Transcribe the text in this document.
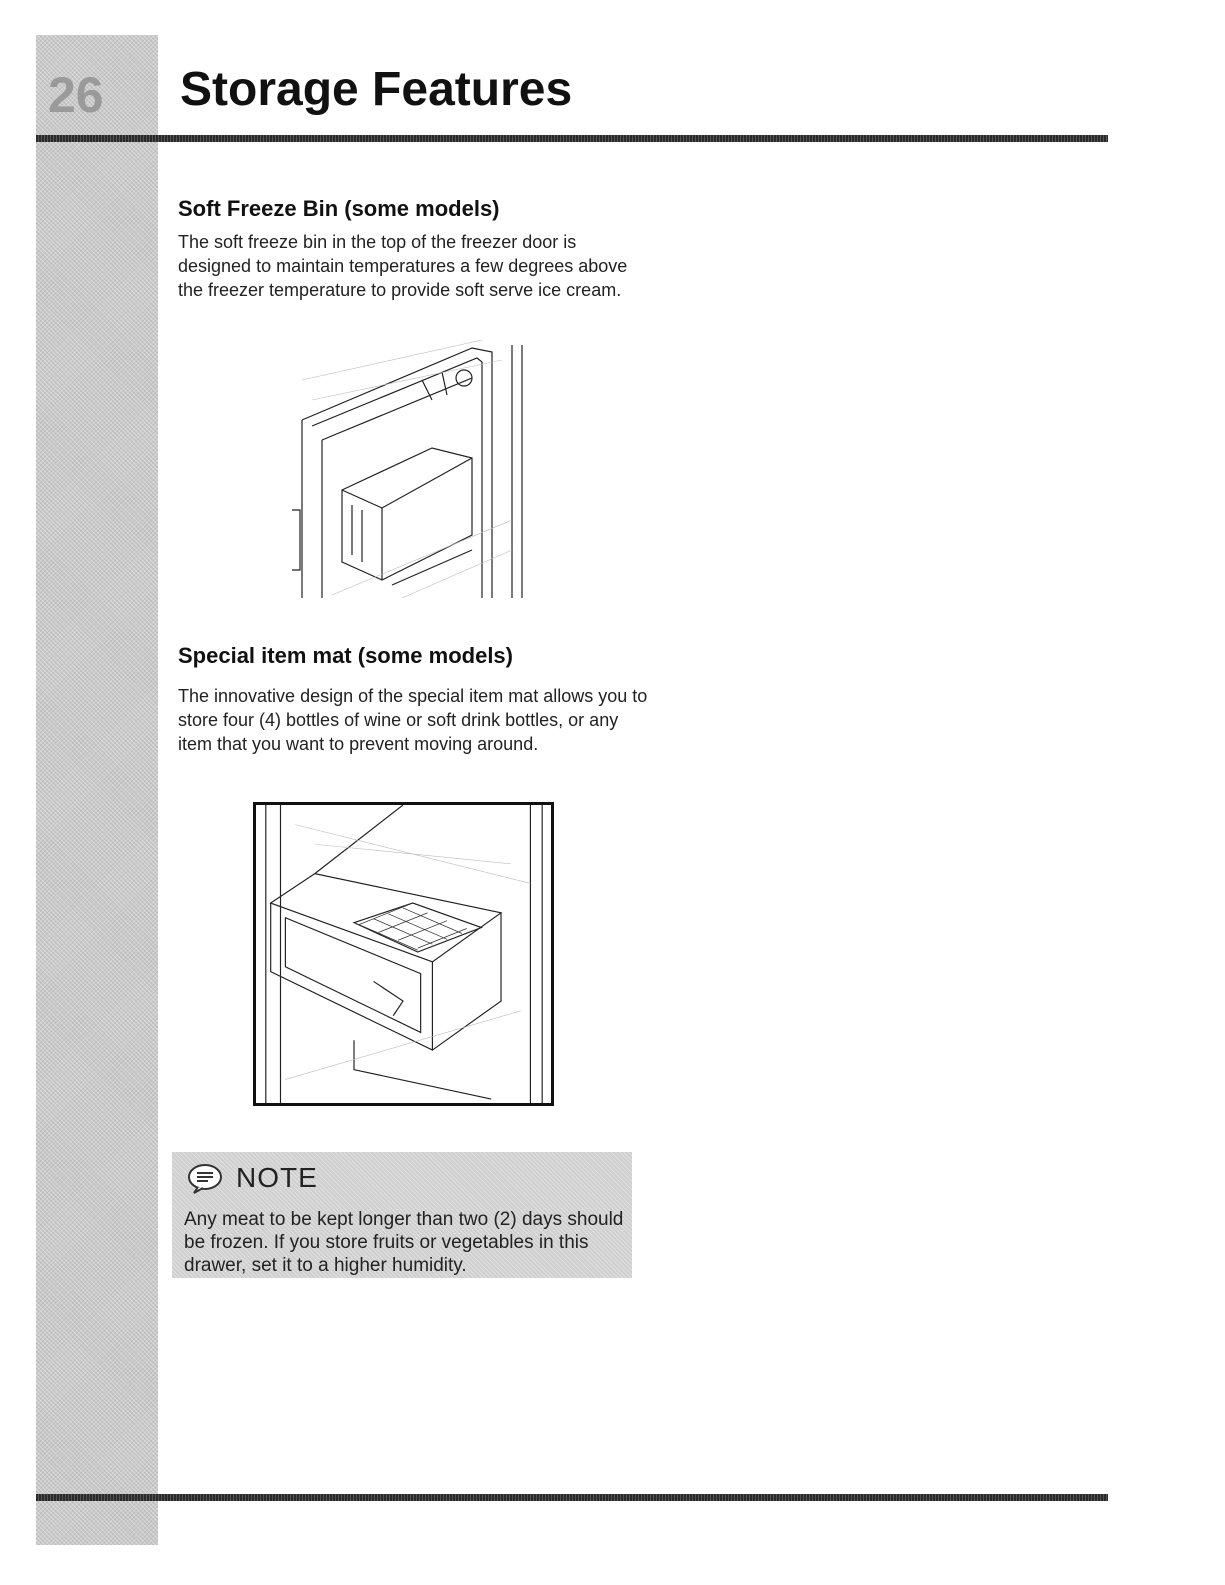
26 Storage Features
Soft Freeze Bin (some models)
The soft freeze bin in the top of the freezer door is designed to maintain temperatures a few degrees above the freezer temperature to provide soft serve ice cream.
Special item mat (some models)
The innovative design of the special item mat allows you to store four (4) bottles of wine or soft drink bottles, or any item that you want to prevent moving around.
NOTE
Any meat to be kept longer than two (2) days should be frozen. If you store fruits or vegetables in this drawer, set it to a higher humidity.
